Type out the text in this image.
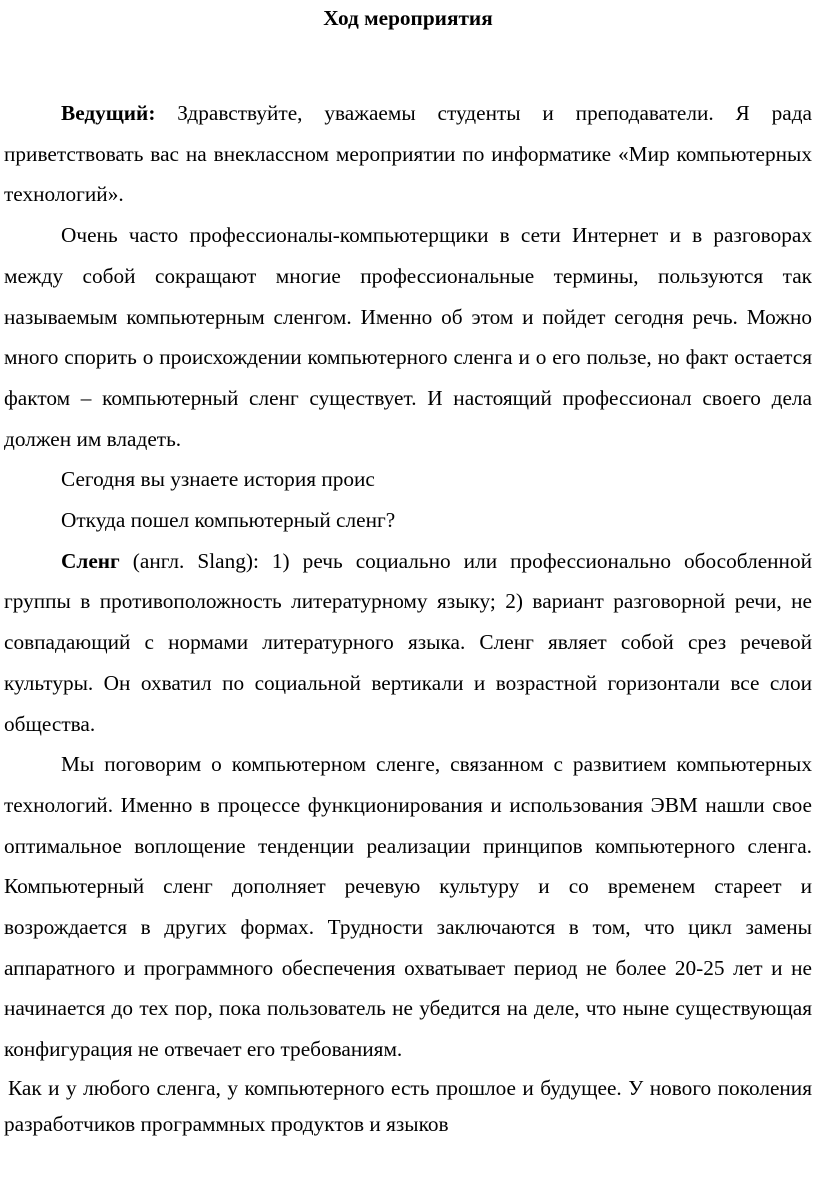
Ход мероприятия

Ведущий: Здравствуйте, уважаемы студенты и преподаватели. Я рада приветствовать вас на внеклассном мероприятии по информатике «Мир компьютерных технологий».

Очень часто профессионалы-компьютерщики в сети Интернет и в разговорах между собой сокращают многие профессиональные термины, пользуются так называемым компьютерным сленгом. Именно об этом и пойдет сегодня речь. Можно много спорить о происхождении компьютерного сленга и о его пользе, но факт остается фактом – компьютерный сленг существует. И настоящий профессионал своего дела должен им владеть.

Сегодня вы узнаете история проис

Откуда пошел компьютерный сленг?

Сленг (англ. Slang): 1) речь социально или профессионально обособленной группы в противоположность литературному языку; 2) вариант разговорной речи, не совпадающий с нормами литературного языка. Сленг являет собой срез речевой культуры. Он охватил по социальной вертикали и возрастной горизонтали все слои общества.

Мы поговорим о компьютерном сленге, связанном с развитием компьютерных технологий. Именно в процессе функционирования и использования ЭВМ нашли свое оптимальное воплощение тенденции реализации принципов компьютерного сленга. Компьютерный сленг дополняет речевую культуру и со временем стареет и возрождается в других формах. Трудности заключаются в том, что цикл замены аппаратного и программного обеспечения охватывает период не более 20-25 лет и не начинается до тех пор, пока пользователь не убедится на деле, что ныне существующая конфигурация не отвечает его требованиям.

Как и у любого сленга, у компьютерного есть прошлое и будущее. У нового поколения разработчиков программных продуктов и языков
